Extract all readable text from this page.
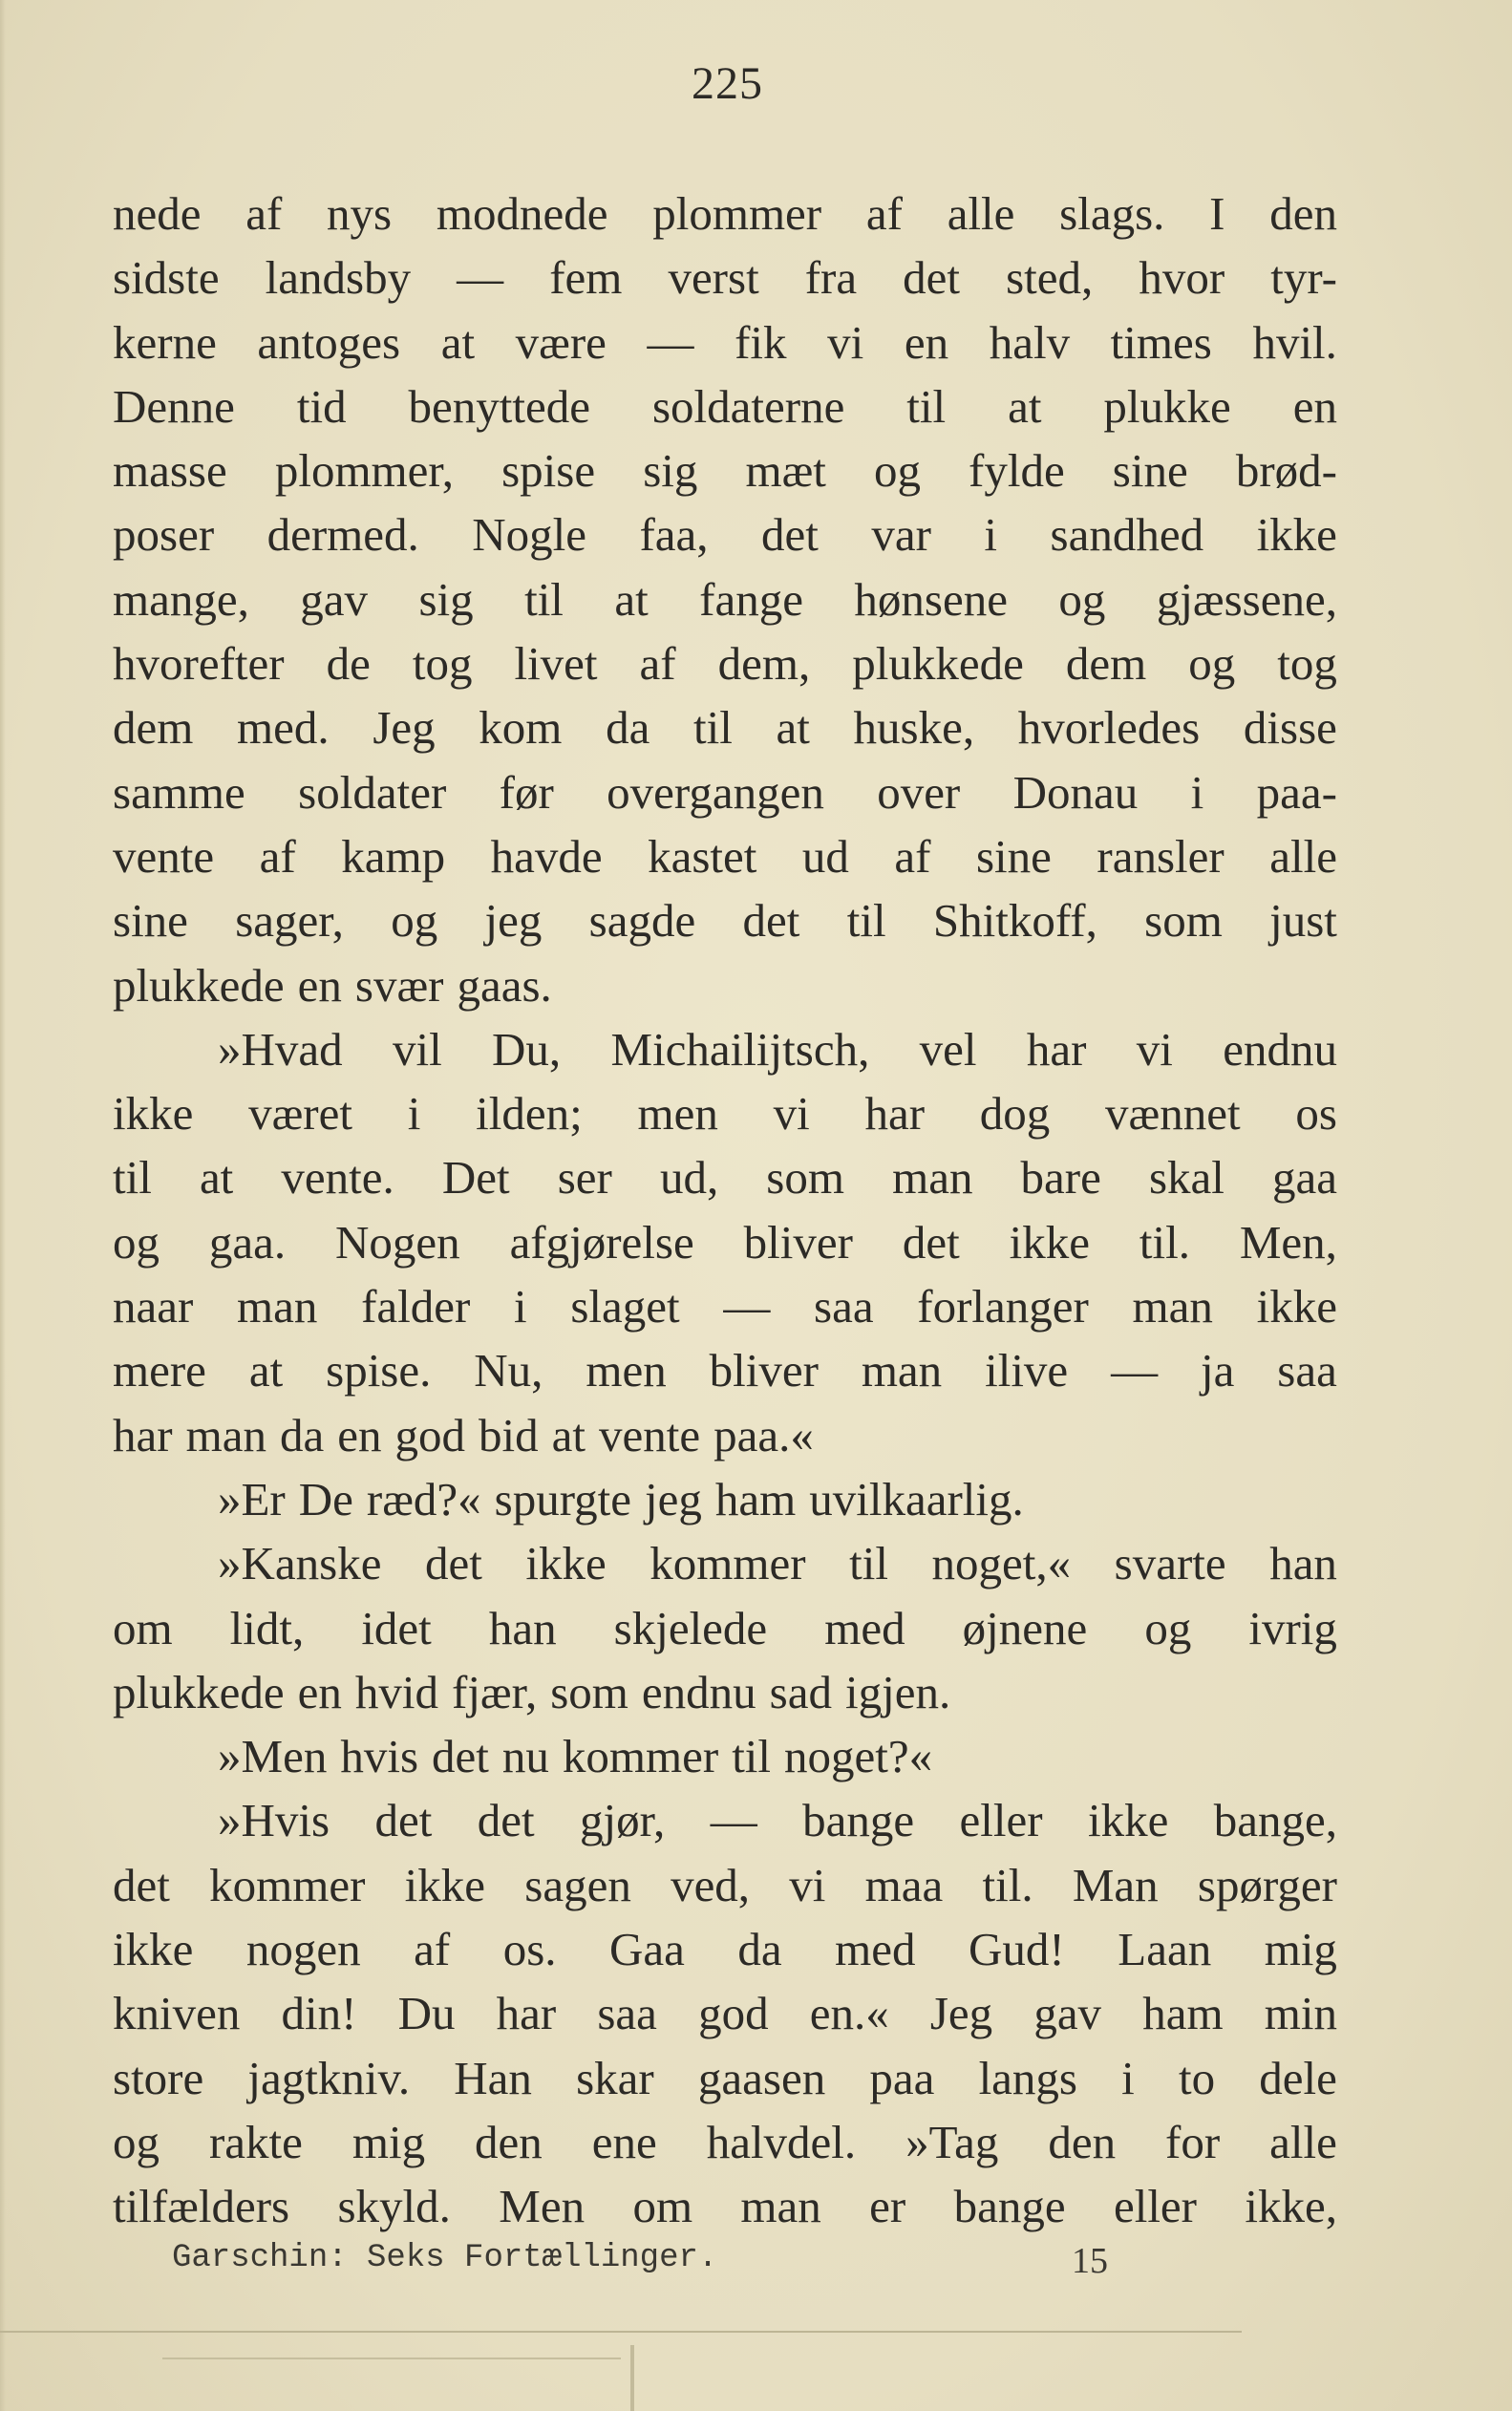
225
nede af nys modnede plommer af alle slags. I den
sidste landsby — fem verst fra det sted, hvor tyr-
kerne antoges at være — fik vi en halv times hvil.
Denne tid benyttede soldaterne til at plukke en
masse plommer, spise sig mæt og fylde sine brød-
poser dermed. Nogle faa, det var i sandhed ikke
mange, gav sig til at fange hønsene og gjæssene,
hvorefter de tog livet af dem, plukkede dem og tog
dem med. Jeg kom da til at huske, hvorledes disse
samme soldater før overgangen over Donau i paa-
vente af kamp havde kastet ud af sine ransler alle
sine sager, og jeg sagde det til Shitkoff, som just
plukkede en svær gaas.
»Hvad vil Du, Michailijtsch, vel har vi endnu
ikke været i ilden; men vi har dog vænnet os
til at vente. Det ser ud, som man bare skal gaa
og gaa. Nogen afgjørelse bliver det ikke til. Men,
naar man falder i slaget — saa forlanger man ikke
mere at spise. Nu, men bliver man ilive — ja saa
har man da en god bid at vente paa.«
»Er De ræd?« spurgte jeg ham uvilkaarlig.
»Kanske det ikke kommer til noget,« svarte han
om lidt, idet han skjelede med øjnene og ivrig
plukkede en hvid fjær, som endnu sad igjen.
»Men hvis det nu kommer til noget?«
»Hvis det det gjør, — bange eller ikke bange,
det kommer ikke sagen ved, vi maa til. Man spørger
ikke nogen af os. Gaa da med Gud! Laan mig
kniven din! Du har saa god en.« Jeg gav ham min
store jagtkniv. Han skar gaasen paa langs i to dele
og rakte mig den ene halvdel. »Tag den for alle
tilfælders skyld. Men om man er bange eller ikke,
Garschin: Seks Fortællinger.	15
